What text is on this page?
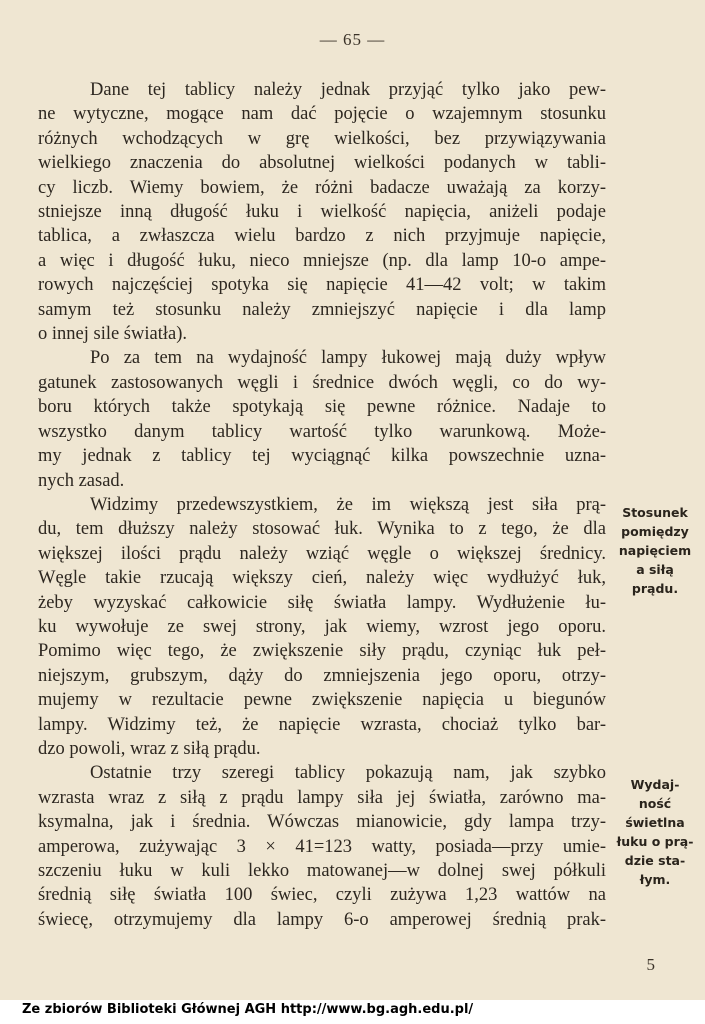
— 65 —

Dane tej tablicy należy jednak przyjąć tylko jako pew-
ne wytyczne, mogące nam dać pojęcie o wzajemnym stosunku
różnych wchodzących w grę wielkości, bez przywiązywania
wielkiego znaczenia do absolutnej wielkości podanych w tabli-
cy liczb. Wiemy bowiem, że różni badacze uważają za korzy-
stniejsze inną długość łuku i wielkość napięcia, aniżeli podaje
tablica, a zwłaszcza wielu bardzo z nich przyjmuje napięcie,
a więc i długość łuku, nieco mniejsze (np. dla lamp 10-o ampe-
rowych najczęściej spotyka się napięcie 41—42 volt; w takim
samym też stosunku należy zmniejszyć napięcie i dla lamp
o innej sile światła).

Po za tem na wydajność lampy łukowej mają duży wpływ
gatunek zastosowanych węgli i średnice dwóch węgli, co do wy-
boru których także spotykają się pewne różnice. Nadaje to
wszystko danym tablicy wartość tylko warunkową. Może-
my jednak z tablicy tej wyciągnąć kilka powszechnie uzna-
nych zasad.

Widzimy przedewszystkiem, że im większą jest siła prą-
du, tem dłuższy należy stosować łuk. Wynika to z tego, że dla
większej ilości prądu należy wziąć węgle o większej średnicy.
Węgle takie rzucają większy cień, należy więc wydłużyć łuk,
żeby wyzyskać całkowicie siłę światła lampy. Wydłużenie łu-
ku wywołuje ze swej strony, jak wiemy, wzrost jego oporu.
Pomimo więc tego, że zwiększenie siły prądu, czyniąc łuk peł-
niejszym, grubszym, dąży do zmniejszenia jego oporu, otrzy-
mujemy w rezultacie pewne zwiększenie napięcia u biegunów
lampy. Widzimy też, że napięcie wzrasta, chociaż tylko bar-
dzo powoli, wraz z siłą prądu.

Ostatnie trzy szeregi tablicy pokazują nam, jak szybko
wzrasta wraz z siłą z prądu lampy siła jej światła, zarówno ma-
ksymalna, jak i średnia. Wówczas mianowicie, gdy lampa trzy-
amperowa, zużywając 3 × 41=123 watty, posiada—przy umie-
szczeniu łuku w kuli lekko matowanej—w dolnej swej półkuli
średnią siłę światła 100 świec, czyli zużywa 1,23 wattów na
świecę, otrzymujemy dla lampy 6-o amperowej średnią prak-

Stosunek
pomiędzy
napięciem
a siłą
prądu.
Wydaj-
ność
świetlna
łuku o prą-
dzie sta-
łym.
5
Ze zbiorów Biblioteki Głównej AGH http://www.bg.agh.edu.pl/
